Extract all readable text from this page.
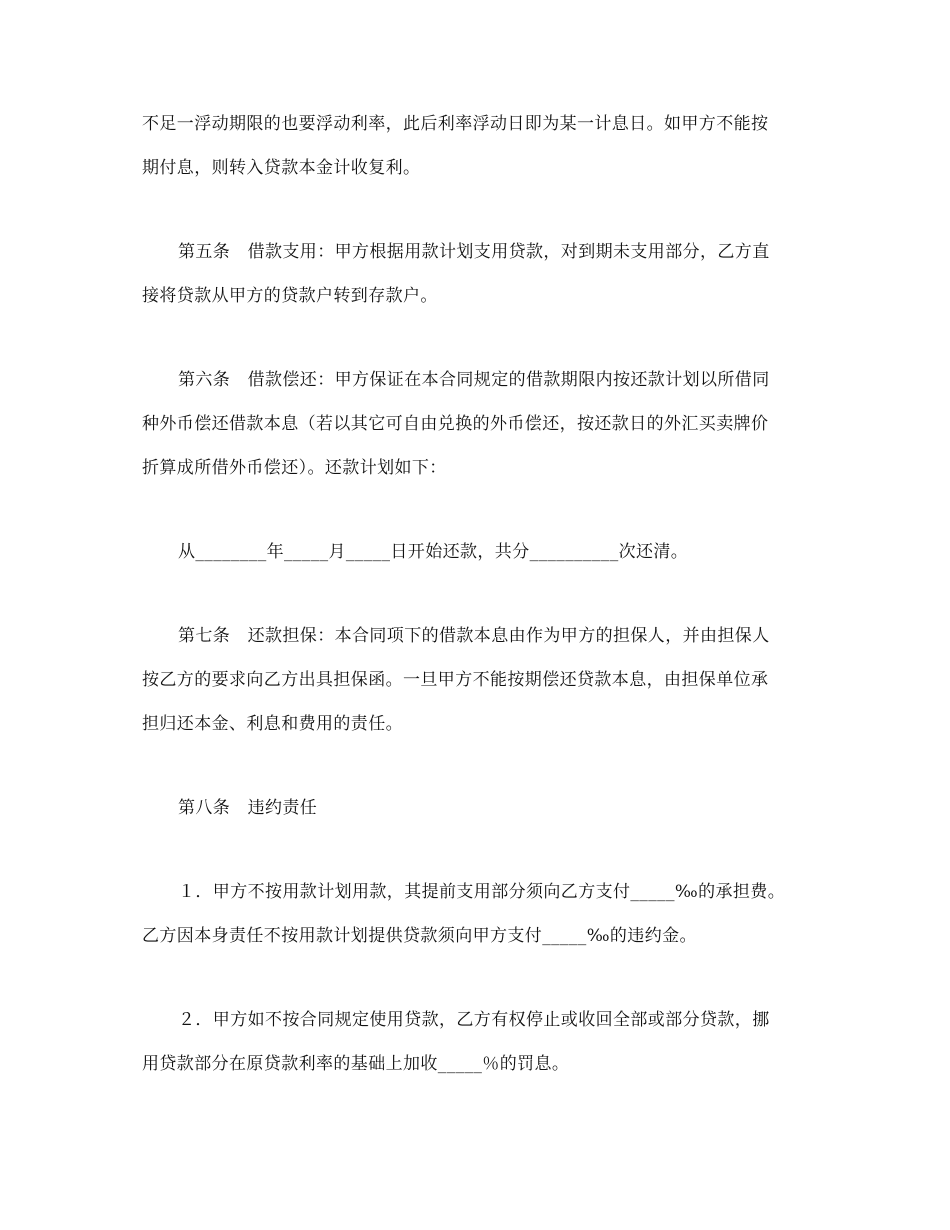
不足一浮动期限的也要浮动利率，此后利率浮动日即为某一计息日。如甲方不能按
期付息，则转入贷款本金计收复利。
第五条　借款支用：甲方根据用款计划支用贷款，对到期未支用部分，乙方直
接将贷款从甲方的贷款户转到存款户。
第六条　借款偿还：甲方保证在本合同规定的借款期限内按还款计划以所借同
种外币偿还借款本息（若以其它可自由兑换的外币偿还，按还款日的外汇买卖牌价
折算成所借外币偿还）。还款计划如下：
从________年_____月_____日开始还款，共分__________次还清。
第七条　还款担保：本合同项下的借款本息由作为甲方的担保人，并由担保人
按乙方的要求向乙方出具担保函。一旦甲方不能按期偿还贷款本息，由担保单位承
担归还本金、利息和费用的责任。
第八条　违约责任
１．甲方不按用款计划用款，其提前支用部分须向乙方支付_____‰的承担费。
乙方因本身责任不按用款计划提供贷款须向甲方支付_____‰的违约金。
２．甲方如不按合同规定使用贷款，乙方有权停止或收回全部或部分贷款，挪
用贷款部分在原贷款利率的基础上加收_____％的罚息。
